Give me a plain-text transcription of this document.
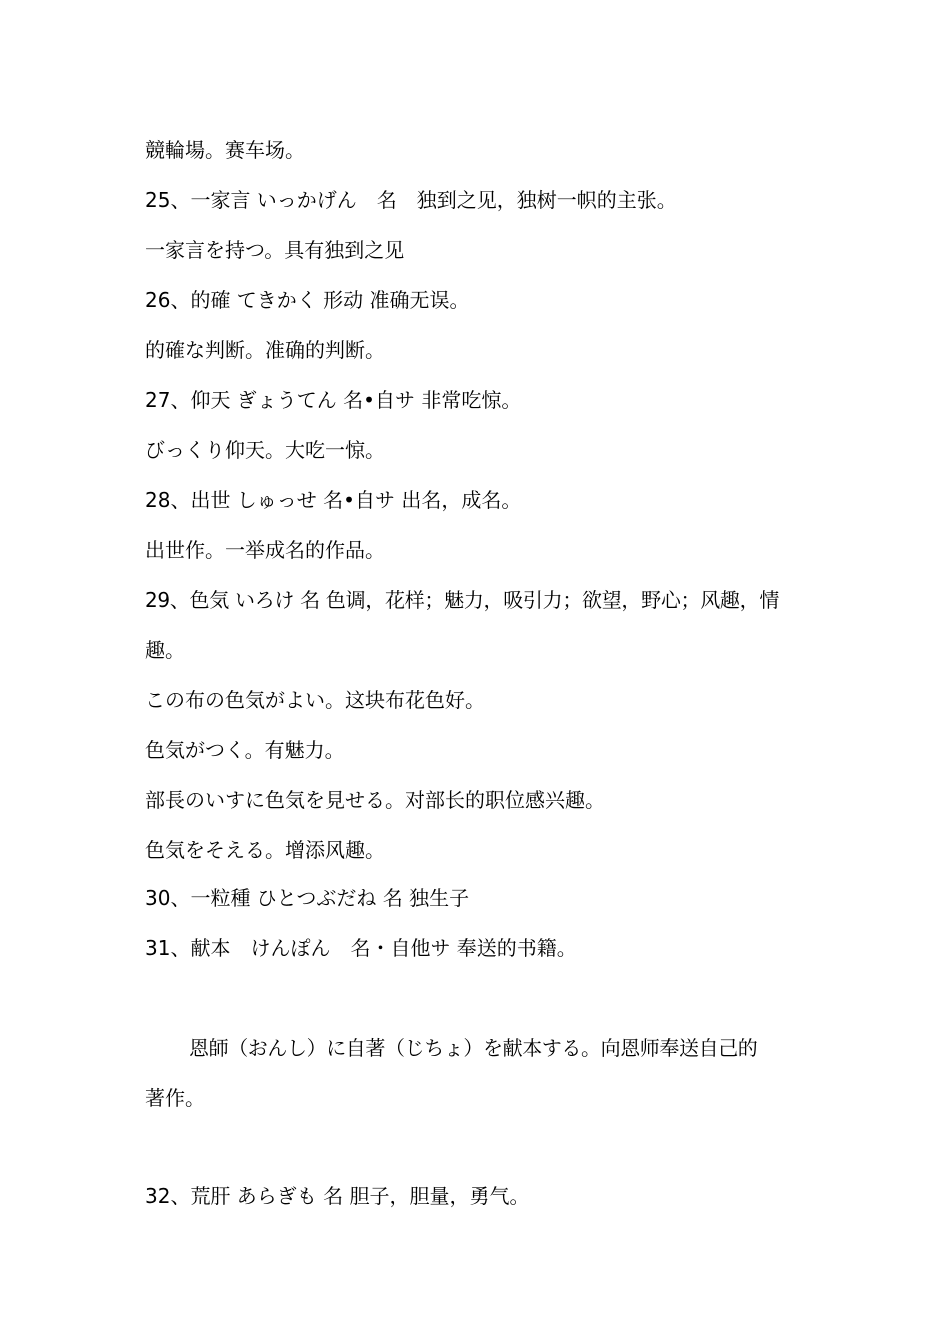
競輪場。赛车场。
25、一家言 いっかげん　名　独到之见，独树一帜的主张。
一家言を持つ。具有独到之见
26、的確 てきかく 形动 准确无误。
的確な判断。准确的判断。
27、仰天 ぎょうてん 名•自サ 非常吃惊。
びっくり仰天。大吃一惊。
28、出世 しゅっせ 名•自サ 出名，成名。
出世作。一举成名的作品。
29、色気 いろけ 名 色调，花样；魅力，吸引力；欲望，野心；风趣，情
趣。
この布の色気がよい。这块布花色好。
色気がつく。有魅力。
部長のいすに色気を見せる。对部长的职位感兴趣。
色気をそえる。增添风趣。
30、一粒種 ひとつぶだね 名 独生子
31、献本　けんぽん　名・自他サ 奉送的书籍。
恩師（おんし）に自著（じちょ）を献本する。向恩师奉送自己的
著作。
32、荒肝 あらぎも 名 胆子，胆量，勇气。
